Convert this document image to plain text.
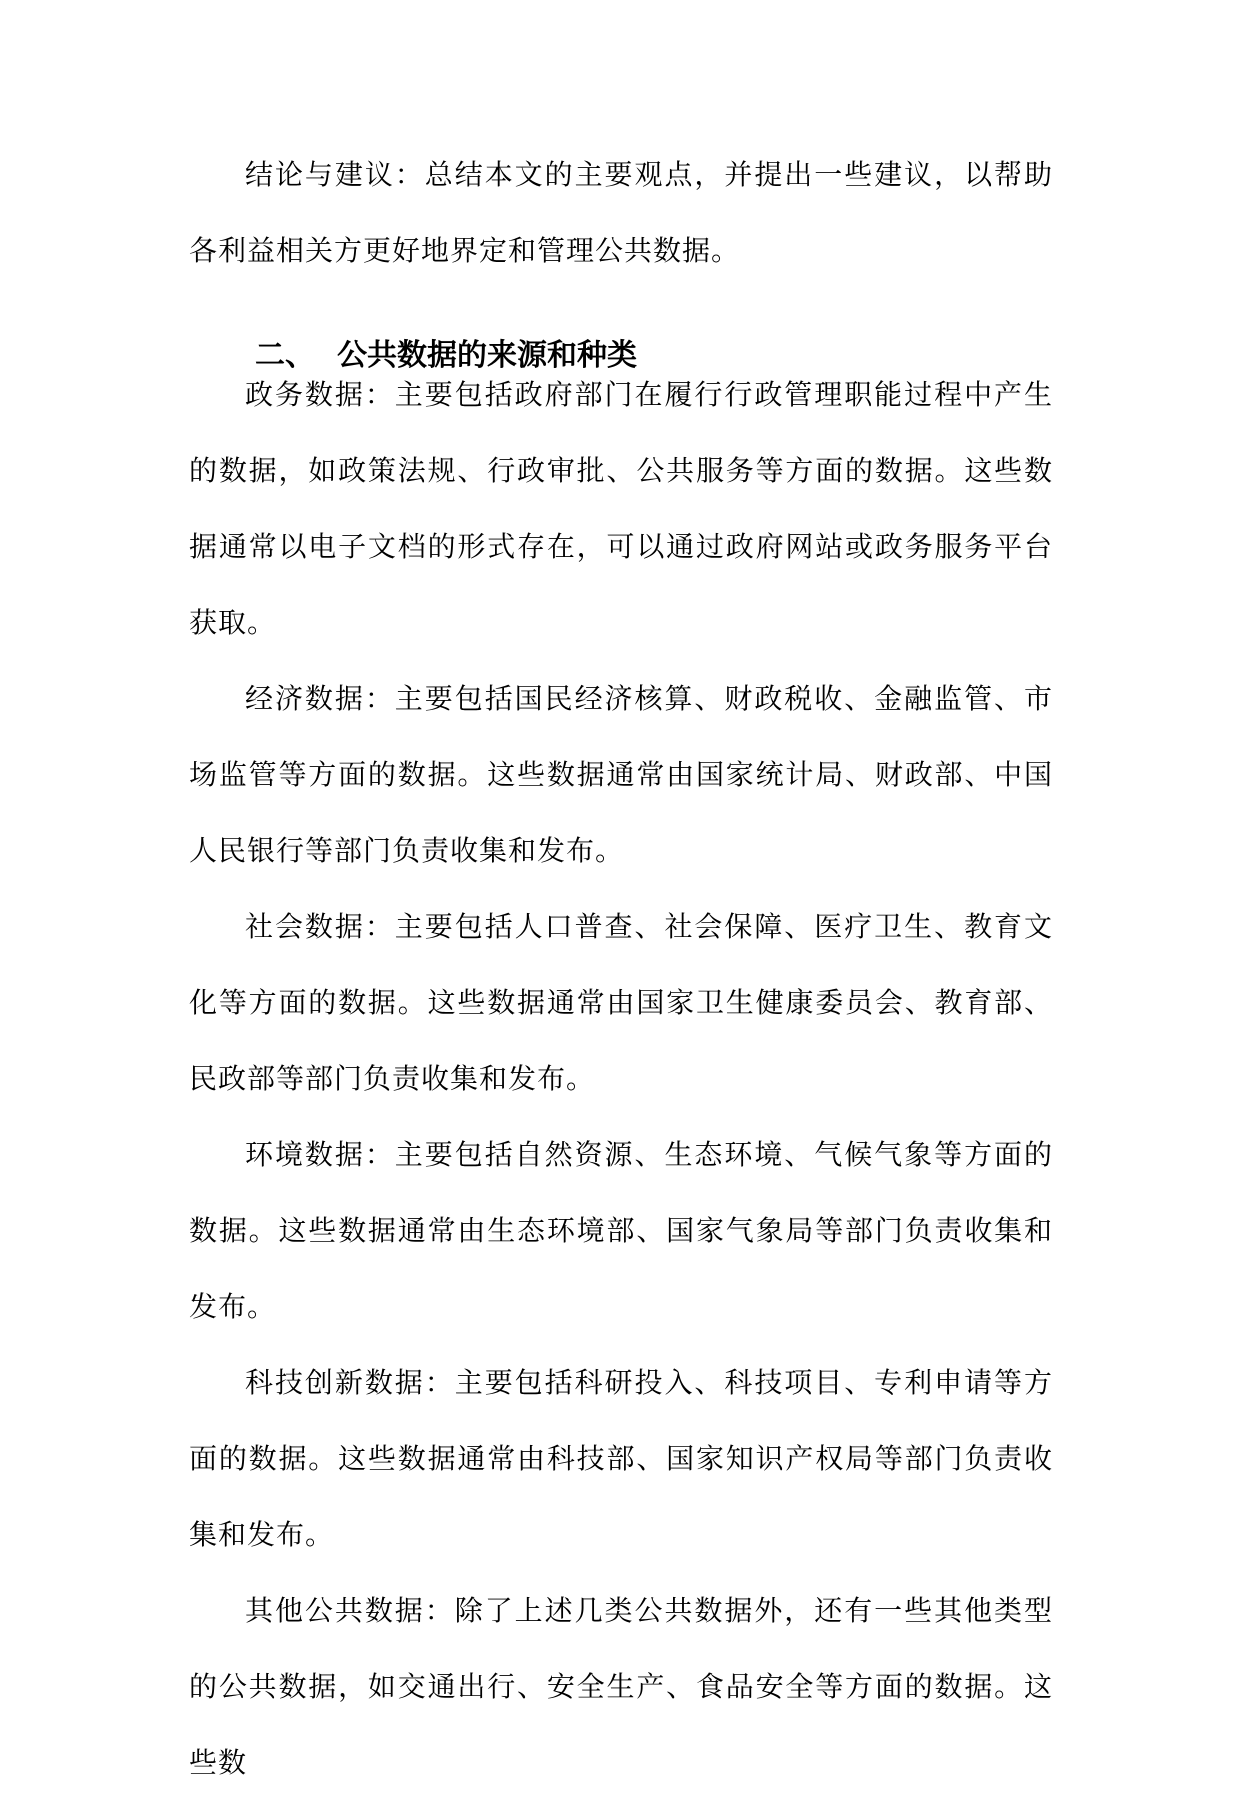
结论与建议：总结本文的主要观点，并提出一些建议，以帮助各利益相关方更好地界定和管理公共数据。

二、 公共数据的来源和种类

政务数据：主要包括政府部门在履行行政管理职能过程中产生的数据，如政策法规、行政审批、公共服务等方面的数据。这些数据通常以电子文档的形式存在，可以通过政府网站或政务服务平台获取。

经济数据：主要包括国民经济核算、财政税收、金融监管、市场监管等方面的数据。这些数据通常由国家统计局、财政部、中国人民银行等部门负责收集和发布。

社会数据：主要包括人口普查、社会保障、医疗卫生、教育文化等方面的数据。这些数据通常由国家卫生健康委员会、教育部、民政部等部门负责收集和发布。

环境数据：主要包括自然资源、生态环境、气候气象等方面的数据。这些数据通常由生态环境部、国家气象局等部门负责收集和发布。

科技创新数据：主要包括科研投入、科技项目、专利申请等方面的数据。这些数据通常由科技部、国家知识产权局等部门负责收集和发布。

其他公共数据：除了上述几类公共数据外，还有一些其他类型的公共数据，如交通出行、安全生产、食品安全等方面的数据。这些数
